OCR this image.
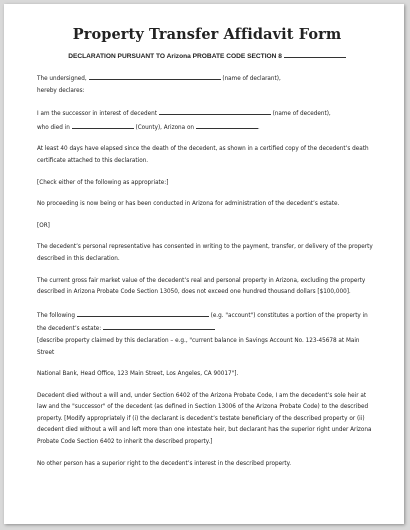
Property Transfer Affidavit Form
DECLARATION PURSUANT TO Arizona PROBATE CODE SECTION 8

The undersigned,	(name of declarant),
hereby declares:

I am the successor in interest of decedent	(name of decedent),
who died in	(County), Arizona on	.

At least 40 days have elapsed since the death of the decedent, as shown in a certified copy of the decedent’s death certificate attached to this declaration.

[Check either of the following as appropriate:]

No proceeding is now being or has been conducted in Arizona for administration of the decedent’s estate.

[OR]

The decedent’s personal representative has consented in writing to the payment, transfer, or delivery of the property described in this declaration.

The current gross fair market value of the decedent’s real and personal property in Arizona, excluding the property described in Arizona Probate Code Section 13050, does not exceed one hundred thousand dollars [$100,000].

The following	(e.g. "account") constitutes a portion of the property in the decedent’s estate:
[describe property claimed by this declaration – e.g., "current balance in Savings Account No. 123-45678 at Main Street

National Bank, Head Office, 123 Main Street, Los Angeles, CA 90017"].

Decedent died without a will and, under Section 6402 of the Arizona Probate Code, I am the decedent’s sole heir at law and the "successor" of the decedent (as defined in Section 13006 of the Arizona Probate Code) to the described property. [Modify appropriately if (i) the declarant is decedent’s testate beneficiary of the described property or (ii) decedent died without a will and left more than one intestate heir, but declarant has the superior right under Arizona Probate Code Section 6402 to inherit the described property.]

No other person has a superior right to the decedent’s interest in the described property.
